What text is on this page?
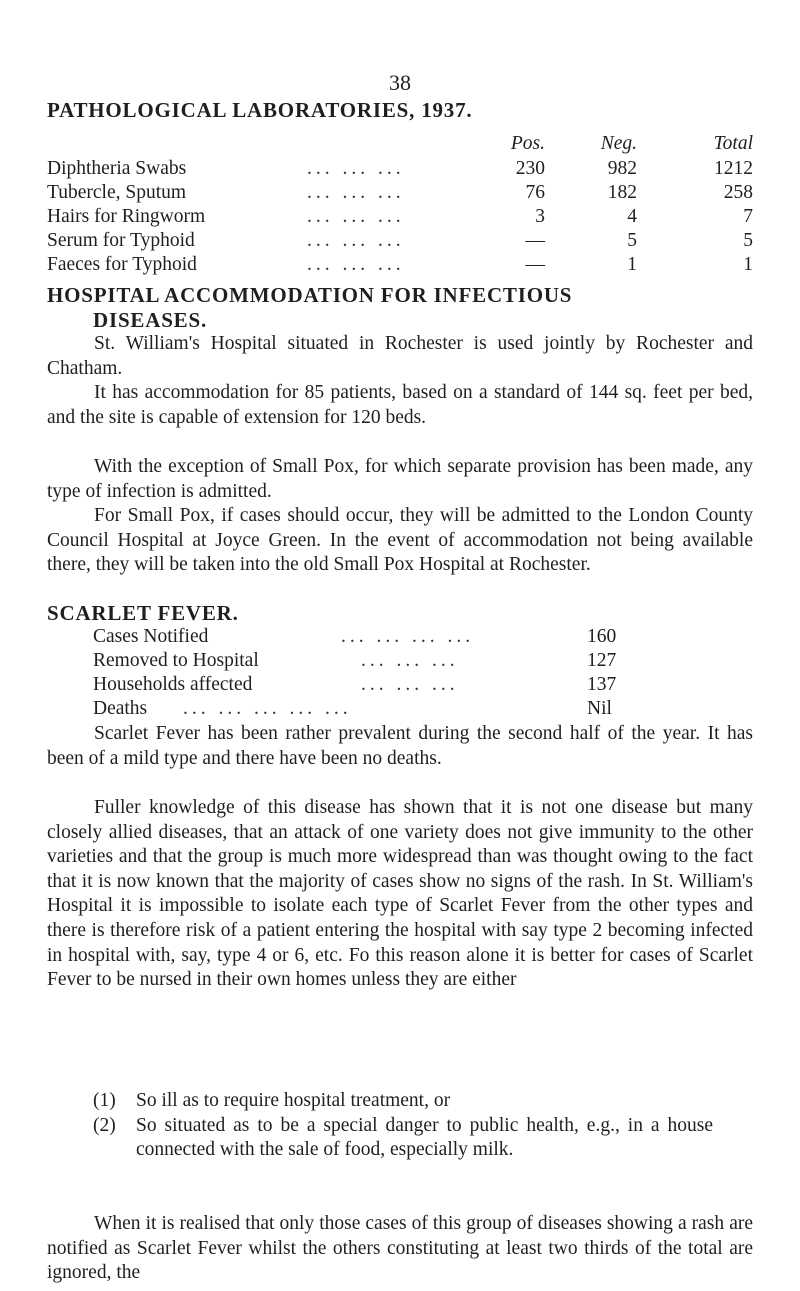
38
PATHOLOGICAL LABORATORIES, 1937.
Pos.	Neg.	Total
Diphtheria Swabs	... ... ...	230	982	1212
Tubercle, Sputum	... ... ...	76	182	258
Hairs for Ringworm	... ... ...	3	4	7
Serum for Typhoid	... ... ...	—	5	5
Faeces for Typhoid	... ... ...	—	1	1
HOSPITAL ACCOMMODATION FOR INFECTIOUS
DISEASES.

St. William's Hospital situated in Rochester is used jointly by Rochester and Chatham.

It has accommodation for 85 patients, based on a standard of 144 sq. feet per bed, and the site is capable of extension for 120 beds.

With the exception of Small Pox, for which separate provision has been made, any type of infection is admitted.

For Small Pox, if cases should occur, they will be admitted to the London County Council Hospital at Joyce Green. In the event of accommodation not being available there, they will be taken into the old Small Pox Hospital at Rochester.

SCARLET FEVER.
Cases Notified	... ... ... ...	160
Removed to Hospital	... ... ...	127
Households affected	... ... ...	137
Deaths ... ... ... ... ...	Nil

Scarlet Fever has been rather prevalent during the second half of the year. It has been of a mild type and there have been no deaths.

Fuller knowledge of this disease has shown that it is not one disease but many closely allied diseases, that an attack of one variety does not give immunity to the other varieties and that the group is much more widespread than was thought owing to the fact that it is now known that the majority of cases show no signs of the rash. In St. William's Hospital it is impossible to isolate each type of Scarlet Fever from the other types and there is therefore risk of a patient entering the hospital with say type 2 becoming infected in hospital with, say, type 4 or 6, etc. Fo this reason alone it is better for cases of Scarlet Fever to be nursed in their own homes unless they are either

(1) So ill as to require hospital treatment, or
(2) So situated as to be a special danger to public health, e.g., in a house connected with the sale of food, especially milk.

When it is realised that only those cases of this group of diseases showing a rash are notified as Scarlet Fever whilst the others constituting at least two thirds of the total are ignored, the
